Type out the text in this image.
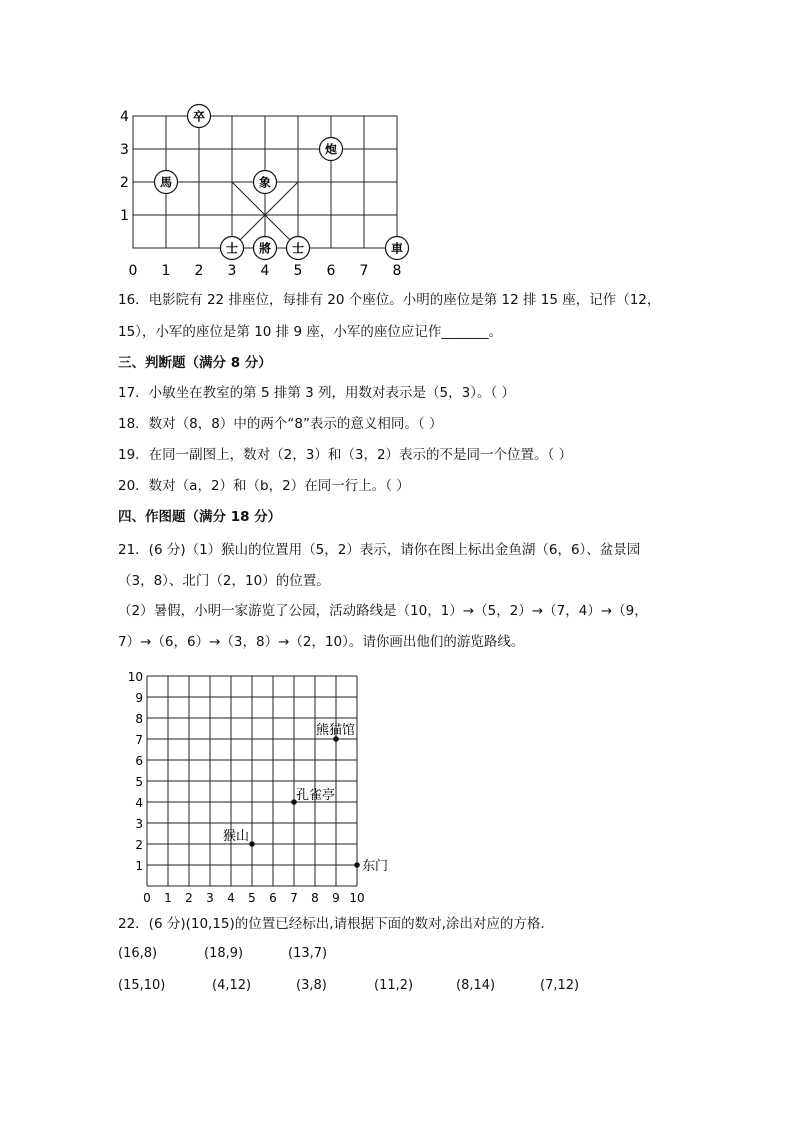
4
3
2
1
0 1 2 3 4 5 6 7 8
卒
炮
馬	象
士 將 士	車
16．电影院有 22 排座位，每排有 20 个座位。小明的座位是第 12 排 15 座，记作（12，
15），小军的座位是第 10 排 9 座，小军的座位应记作_______。
三、判断题（满分 8 分）
17．小敏坐在教室的第 5 排第 3 列，用数对表示是（5，3）。（ ）
18．数对（8，8）中的两个“8”表示的意义相同。（ ）
19．在同一副图上，数对（2，3）和（3，2）表示的不是同一个位置。（ ）
20．数对（a，2）和（b，2）在同一行上。（ ）
四、作图题（满分 18 分）
21．(6 分)（1）猴山的位置用（5，2）表示，请你在图上标出金鱼湖（6，6）、盆景园
（3，8）、北门（2，10）的位置。
（2）暑假，小明一家游览了公园，活动路线是（10，1）→（5，2）→（7，4）→（9，
7）→（6，6）→（3，8）→（2，10）。请你画出他们的游览路线。
10
9
8
7
6
5
4
3
2
1
0 1 2 3 4 5 6 7 8 9 10
熊猫馆
孔雀亭
猴山
东门
22．(6 分)(10,15)的位置已经标出,请根据下面的数对,涂出对应的方格．
(16,8)	(18,9)	(13,7)
(15,10)	(4,12)	(3,8)	(11,2)	(8,14)	(7,12)
